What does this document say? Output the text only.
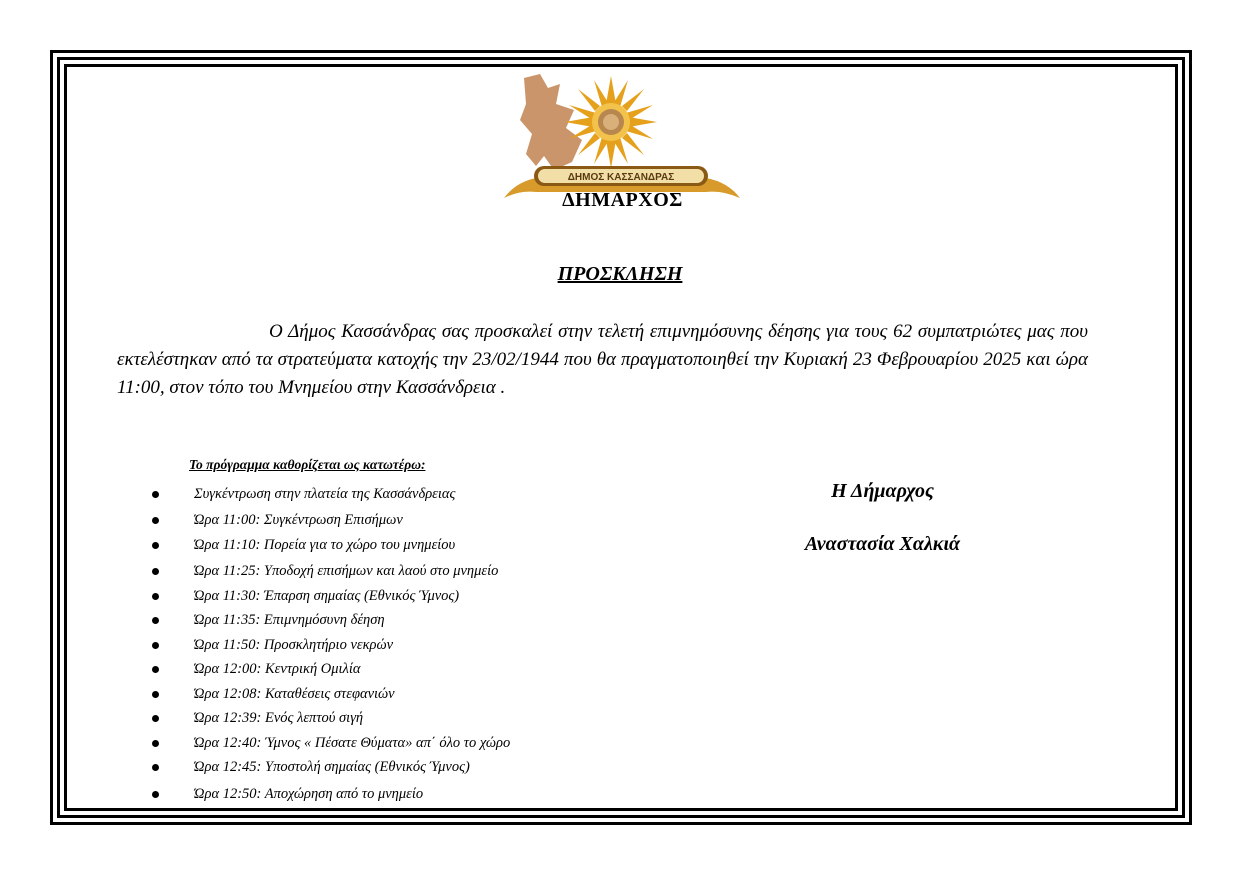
ΔΗΜΟΣ ΚΑΣΣΑΝΔΡΑΣ
ΔΗΜΑΡΧΟΣ
ΠΡΟΣΚΛΗΣΗ

Ο Δήμος Κασσάνδρας σας προσκαλεί στην τελετή επιμνημόσυνης δέησης για τους 62 συμπατριώτες μας που εκτελέστηκαν από τα στρατεύματα κατοχής την 23/02/1944 που θα πραγματοποιηθεί την Κυριακή 23 Φεβρουαρίου 2025 και ώρα 11:00, στον τόπο του Μνημείου στην Κασσάνδρεια .

Το πρόγραμμα καθορίζεται ως κατωτέρω:
Συγκέντρωση στην πλατεία της Κασσάνδρειας
Ώρα 11:00: Συγκέντρωση Επισήμων
Ώρα 11:10: Πορεία για το χώρο του μνημείου
Ώρα 11:25: Υποδοχή επισήμων και λαού στο μνημείο
Ώρα 11:30: Έπαρση σημαίας (Εθνικός Ύμνος)
Ώρα 11:35: Επιμνημόσυνη δέηση
Ώρα 11:50: Προσκλητήριο νεκρών
Ώρα 12:00: Κεντρική Ομιλία
Ώρα 12:08: Καταθέσεις στεφανιών
Ώρα 12:39: Ενός λεπτού σιγή
Ώρα 12:40: Ύμνος « Πέσατε Θύματα» απ΄ όλο το χώρο
Ώρα 12:45: Υποστολή σημαίας (Εθνικός Ύμνος)
Ώρα 12:50: Αποχώρηση από το μνημείο
Η Δήμαρχος
Αναστασία Χαλκιά
